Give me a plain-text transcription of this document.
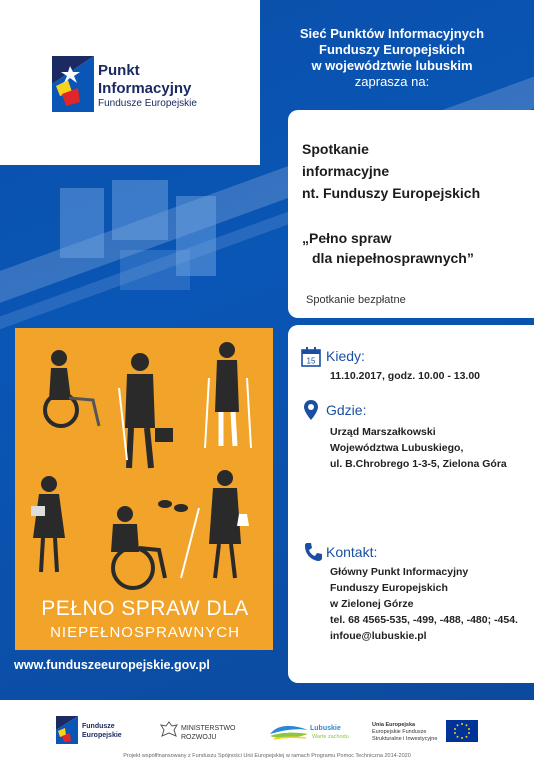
Punkt
Informacyjny
Fundusze Europejskie
Sieć Punktów Informacyjnych
Funduszy Europejskich
w województwie lubuskim
zaprasza na:
Spotkanie
informacyjne
nt. Funduszy Europejskich
„Pełno spraw
dla niepełnosprawnych”
Spotkanie bezpłatne
15 Kiedy:
11.10.2017, godz. 10.00 - 13.00
Gdzie:
Urząd Marszałkowski
Województwa Lubuskiego,
ul. B.Chrobrego 1-3-5, Zielona Góra
Kontakt:
Główny Punkt Informacyjny
Funduszy Europejskich
w Zielonej Górze
tel. 68 4565-535, -499, -488, -480; -454.
infoue@lubuskie.pl
PEŁNO SPRAW DLA
NIEPEŁNOSPRAWNYCH
www.funduszeeuropejskie.gov.pl
Fundusze
Europejskie
MINISTERSTWO
ROZWOJU
Lubuskie
Warte zachodu
Unia Europejska
Europejskie Fundusze
Strukturalne i Inwestycyjne
Projekt współfinansowany z Funduszu Spójności Unii Europejskiej w ramach Programu Pomoc Techniczna 2014-2020
